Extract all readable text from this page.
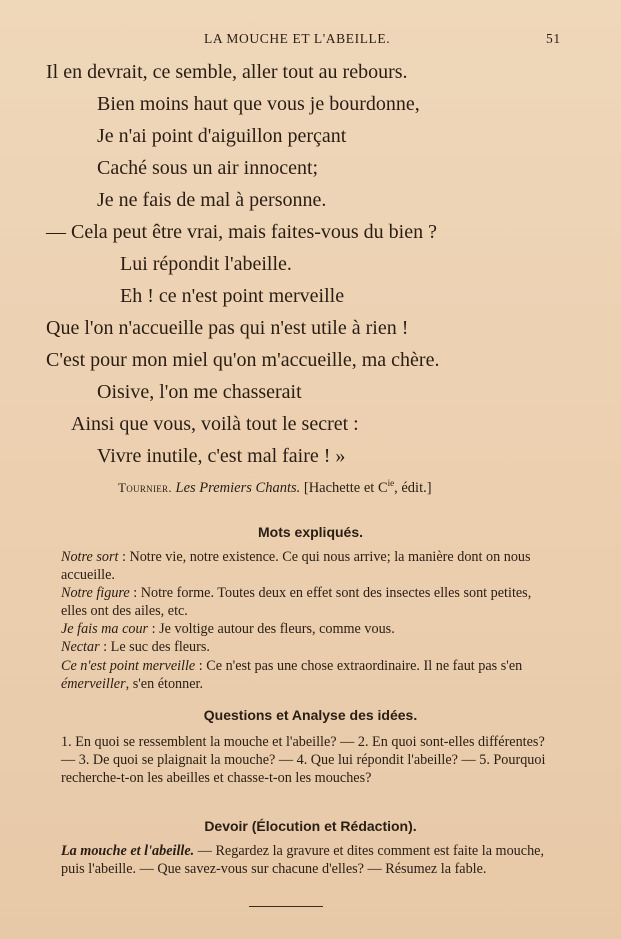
LA MOUCHE ET L'ABEILLE.	51
Il en devrait, ce semble, aller tout au rebours.
Bien moins haut que vous je bourdonne,
Je n'ai point d'aiguillon perçant
Caché sous un air innocent;
Je ne fais de mal à personne.
— Cela peut être vrai, mais faites-vous du bien ?
Lui répondit l'abeille.
Eh ! ce n'est point merveille
Que l'on n'accueille pas qui n'est utile à rien !
C'est pour mon miel qu'on m'accueille, ma chère.
Oisive, l'on me chasserait
Ainsi que vous, voilà tout le secret :
Vivre inutile, c'est mal faire ! »
Tournier. Les Premiers Chants. [Hachette et $C^{ie}$, édit.]
Mots expliqués.

Notre sort : Notre vie, notre existence. Ce qui nous arrive; la manière dont on nous accueille.

Notre figure : Notre forme. Toutes deux en effet sont des insectes elles sont petites, elles ont des ailes, etc.

Je fais ma cour : Je voltige autour des fleurs, comme vous.

Nectar : Le suc des fleurs.

Ce n'est point merveille : Ce n'est pas une chose extraordinaire. Il ne faut pas s'en émerveiller, s'en étonner.

Questions et Analyse des idées.

1. En quoi se ressemblent la mouche et l'abeille? — 2. En quoi sont-elles différentes? — 3. De quoi se plaignait la mouche? — 4. Que lui répondit l'abeille? — 5. Pourquoi recherche-t-on les abeilles et chasse-t-on les mouches?

Devoir (Élocution et Rédaction).

La mouche et l'abeille. — Regardez la gravure et dites comment est faite la mouche, puis l'abeille. — Que savez-vous sur chacune d'elles? — Résumez la fable.
